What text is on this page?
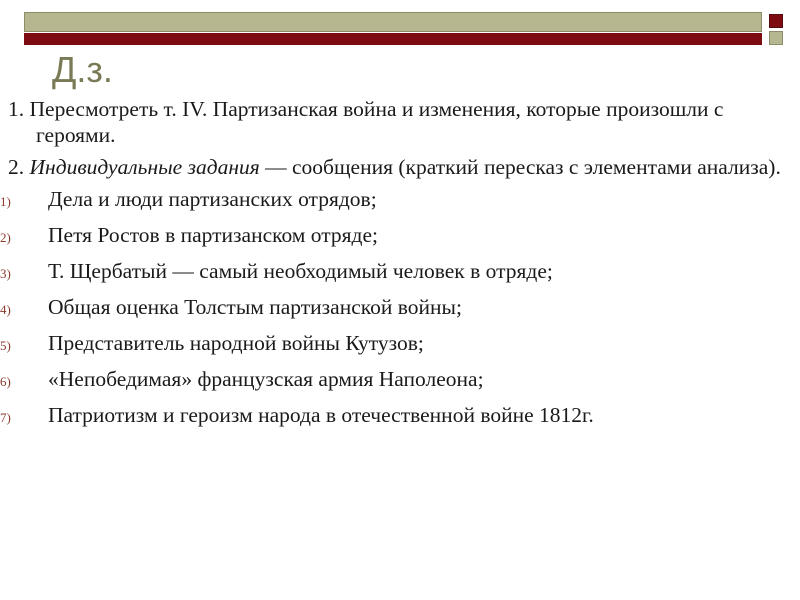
Д.з.

1. Пересмотреть т. IV. Партизанская война и изменения, которые произошли с героями.

2. Индивидуальные задания — сообщения (краткий пересказ с элементами анализа).

1) Дела и люди партизанских отрядов;
2) Петя Ростов в партизанском отряде;
3) Т. Щербатый — самый необходимый человек в отряде;
4) Общая оценка Толстым партизанской войны;
5) Представитель народной войны Кутузов;
6) «Непобедимая» французская армия Наполеона;
7) Патриотизм и героизм народа в отечественной войне 1812г.
